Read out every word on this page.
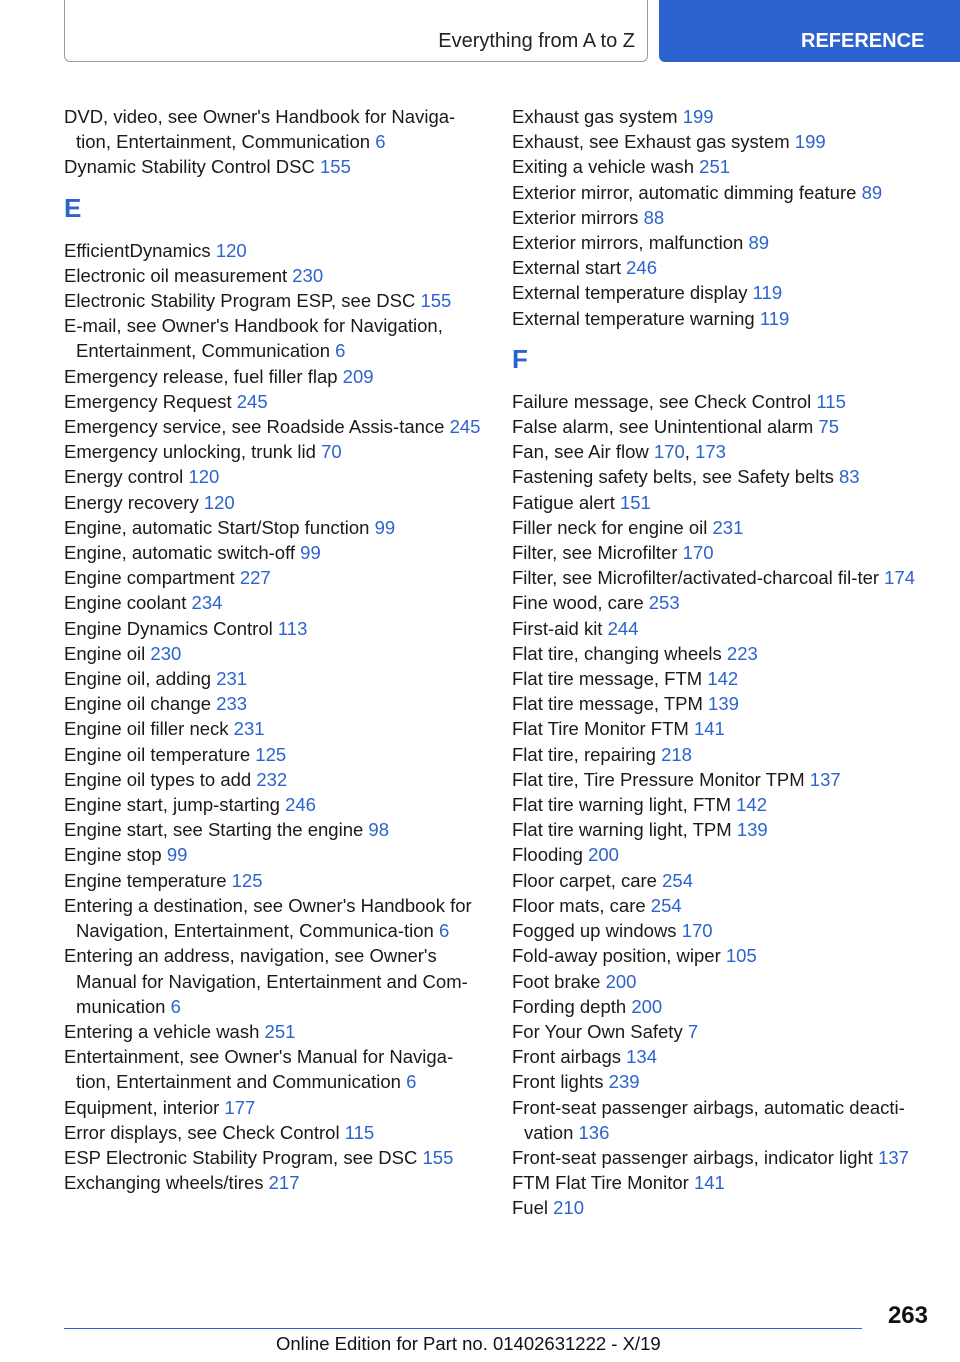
Everything from A to Z	REFERENCE
DVD, video, see Owner's Handbook for Naviga‐tion, Entertainment, Communication 6
Dynamic Stability Control DSC 155
E
EfficientDynamics 120
Electronic oil measurement 230
Electronic Stability Program ESP, see DSC 155
E-mail, see Owner's Handbook for Navigation, Entertainment, Communication 6
Emergency release, fuel filler flap 209
Emergency Request 245
Emergency service, see Roadside Assis‐tance 245
Emergency unlocking, trunk lid 70
Energy control 120
Energy recovery 120
Engine, automatic Start/Stop function 99
Engine, automatic switch-off 99
Engine compartment 227
Engine coolant 234
Engine Dynamics Control 113
Engine oil 230
Engine oil, adding 231
Engine oil change 233
Engine oil filler neck 231
Engine oil temperature 125
Engine oil types to add 232
Engine start, jump-starting 246
Engine start, see Starting the engine 98
Engine stop 99
Engine temperature 125
Entering a destination, see Owner's Handbook for Navigation, Entertainment, Communica‐tion 6
Entering an address, navigation, see Owner's Manual for Navigation, Entertainment and Com‐munication 6
Entering a vehicle wash 251
Entertainment, see Owner's Manual for Naviga‐tion, Entertainment and Communication 6
Equipment, interior 177
Error displays, see Check Control 115
ESP Electronic Stability Program, see DSC 155
Exchanging wheels/tires 217
Exhaust gas system 199
Exhaust, see Exhaust gas system 199
Exiting a vehicle wash 251
Exterior mirror, automatic dimming feature 89
Exterior mirrors 88
Exterior mirrors, malfunction 89
External start 246
External temperature display 119
External temperature warning 119
F
Failure message, see Check Control 115
False alarm, see Unintentional alarm 75
Fan, see Air flow 170, 173
Fastening safety belts, see Safety belts 83
Fatigue alert 151
Filler neck for engine oil 231
Filter, see Microfilter 170
Filter, see Microfilter/activated-charcoal fil‐ter 174
Fine wood, care 253
First-aid kit 244
Flat tire, changing wheels 223
Flat tire message, FTM 142
Flat tire message, TPM 139
Flat Tire Monitor FTM 141
Flat tire, repairing 218
Flat tire, Tire Pressure Monitor TPM 137
Flat tire warning light, FTM 142
Flat tire warning light, TPM 139
Flooding 200
Floor carpet, care 254
Floor mats, care 254
Fogged up windows 170
Fold-away position, wiper 105
Foot brake 200
Fording depth 200
For Your Own Safety 7
Front airbags 134
Front lights 239
Front-seat passenger airbags, automatic deacti‐vation 136
Front-seat passenger airbags, indicator light 137
FTM Flat Tire Monitor 141
Fuel 210
263
Online Edition for Part no. 01402631222 - X/19
